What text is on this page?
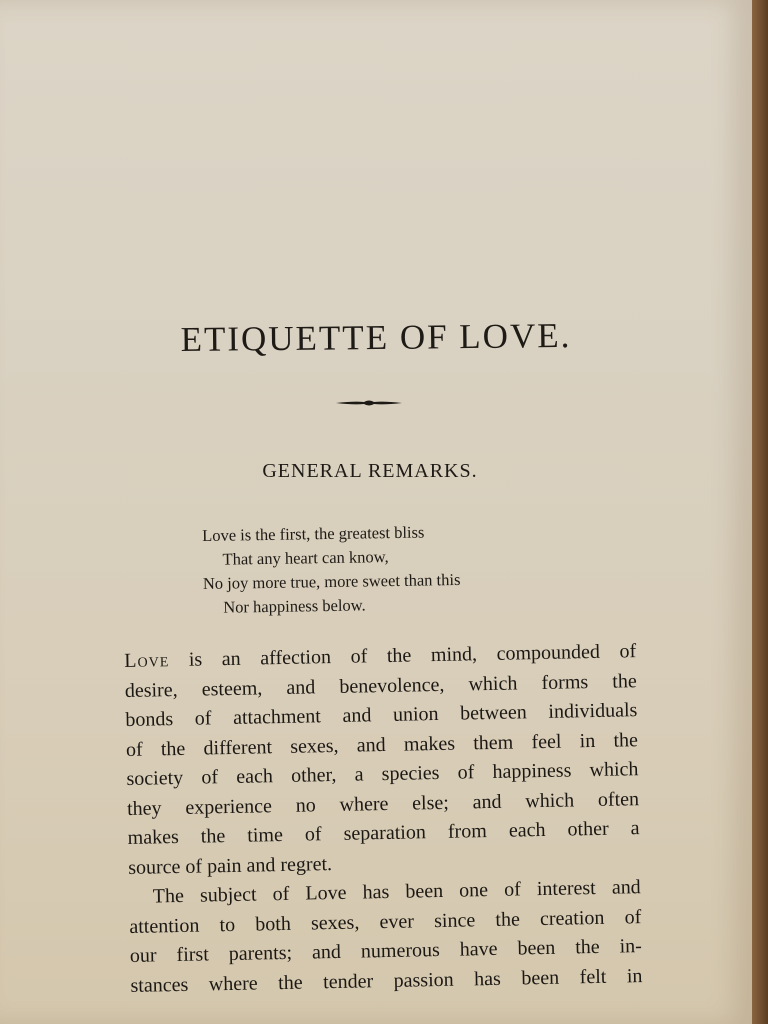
ETIQUETTE OF LOVE.
GENERAL REMARKS.
Love is the first, the greatest bliss
That any heart can know,
No joy more true, more sweet than this
Nor happiness below.
Love is an affection of the mind, compounded of
desire, esteem, and benevolence, which forms the
bonds of attachment and union between individuals
of the different sexes, and makes them feel in the
society of each other, a species of happiness which
they experience no where else; and which often
makes the time of separation from each other a
source of pain and regret.
The subject of Love has been one of interest and
attention to both sexes, ever since the creation of
our first parents; and numerous have been the in-
stances where the tender passion has been felt in
